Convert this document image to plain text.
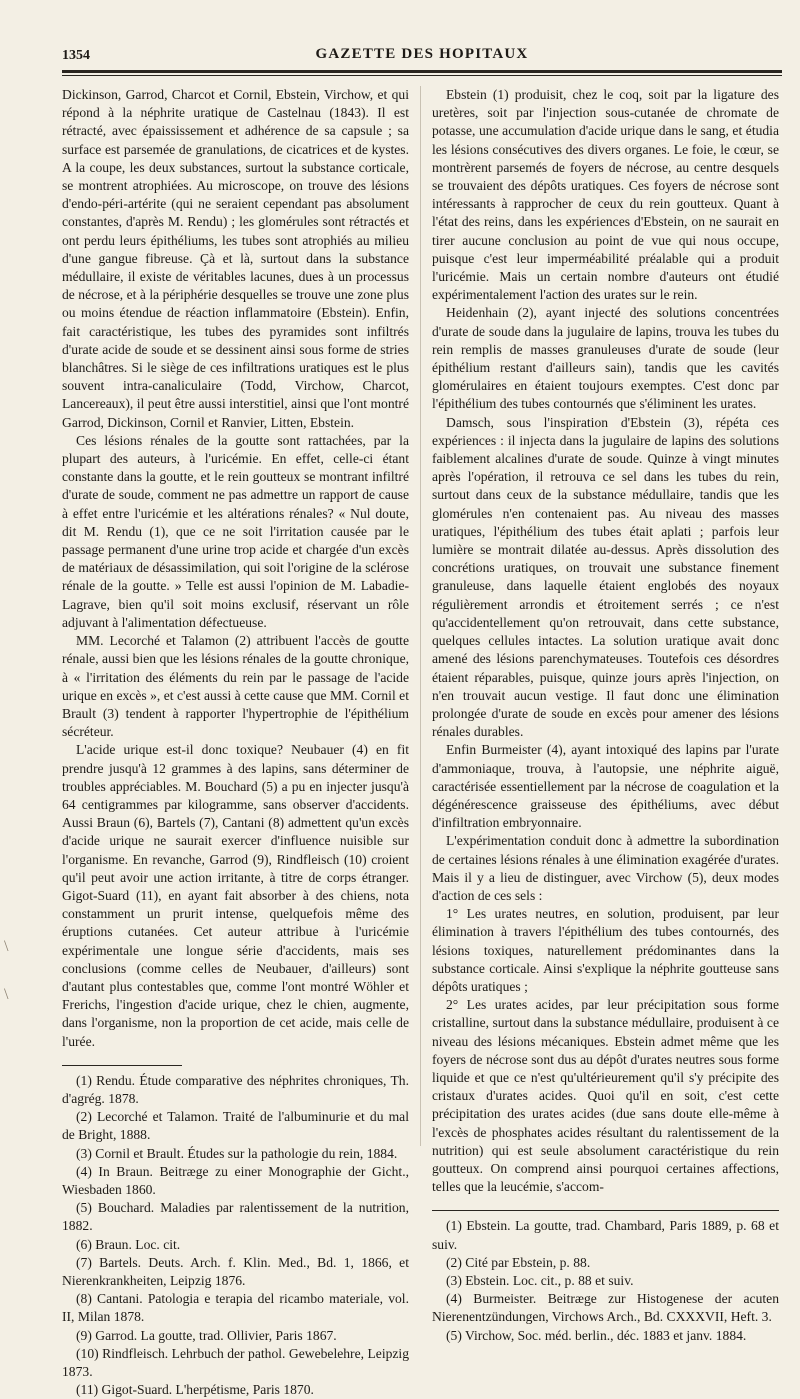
1354	GAZETTE DES HOPITAUX
\
\

Dickinson, Garrod, Charcot et Cornil, Ebstein, Virchow, et qui répond à la néphrite uratique de Castelnau (1843). Il est rétracté, avec épaississement et adhérence de sa capsule ; sa surface est parsemée de granulations, de cicatrices et de kystes. A la coupe, les deux substances, surtout la substance corticale, se montrent atrophiées. Au microscope, on trouve des lésions d'endo-péri-artérite (qui ne seraient cependant pas absolument constantes, d'après M. Rendu) ; les glomérules sont rétractés et ont perdu leurs épithéliums, les tubes sont atrophiés au milieu d'une gangue fibreuse. Çà et là, surtout dans la substance médullaire, il existe de véritables lacunes, dues à un processus de nécrose, et à la périphérie desquelles se trouve une zone plus ou moins étendue de réaction inflammatoire (Ebstein). Enfin, fait caractéristique, les tubes des pyramides sont infiltrés d'urate acide de soude et se dessinent ainsi sous forme de stries blanchâtres. Si le siège de ces infiltrations uratiques est le plus souvent intra-canaliculaire (Todd, Virchow, Charcot, Lancereaux), il peut être aussi interstitiel, ainsi que l'ont montré Garrod, Dickinson, Cornil et Ranvier, Litten, Ebstein.

Ces lésions rénales de la goutte sont rattachées, par la plupart des auteurs, à l'uricémie. En effet, celle-ci étant constante dans la goutte, et le rein goutteux se montrant infiltré d'urate de soude, comment ne pas admettre un rapport de cause à effet entre l'uricémie et les altérations rénales? « Nul doute, dit M. Rendu (1), que ce ne soit l'irritation causée par le passage permanent d'une urine trop acide et chargée d'un excès de matériaux de désassimilation, qui soit l'origine de la sclérose rénale de la goutte. » Telle est aussi l'opinion de M. Labadie-Lagrave, bien qu'il soit moins exclusif, réservant un rôle adjuvant à l'alimentation défectueuse.

MM. Lecorché et Talamon (2) attribuent l'accès de goutte rénale, aussi bien que les lésions rénales de la goutte chronique, à « l'irritation des éléments du rein par le passage de l'acide urique en excès », et c'est aussi à cette cause que MM. Cornil et Brault (3) tendent à rapporter l'hypertrophie de l'épithélium sécréteur.

L'acide urique est-il donc toxique? Neubauer (4) en fit prendre jusqu'à 12 grammes à des lapins, sans déterminer de troubles appréciables. M. Bouchard (5) a pu en injecter jusqu'à 64 centigrammes par kilogramme, sans observer d'accidents. Aussi Braun (6), Bartels (7), Cantani (8) admettent qu'un excès d'acide urique ne saurait exercer d'influence nuisible sur l'organisme. En revanche, Garrod (9), Rindfleisch (10) croient qu'il peut avoir une action irritante, à titre de corps étranger. Gigot-Suard (11), en ayant fait absorber à des chiens, nota constamment un prurit intense, quelquefois même des éruptions cutanées. Cet auteur attribue à l'uricémie expérimentale une longue série d'accidents, mais ses conclusions (comme celles de Neubauer, d'ailleurs) sont d'autant plus contestables que, comme l'ont montré Wöhler et Frerichs, l'ingestion d'acide urique, chez le chien, augmente, dans l'organisme, non la proportion de cet acide, mais celle de l'urée.

(1) Rendu. Étude comparative des néphrites chroniques, Th. d'agrég. 1878.

(2) Lecorché et Talamon. Traité de l'albuminurie et du mal de Bright, 1888.

(3) Cornil et Brault. Études sur la pathologie du rein, 1884.

(4) In Braun. Beitræge zu einer Monographie der Gicht., Wiesbaden 1860.

(5) Bouchard. Maladies par ralentissement de la nutrition, 1882.

(6) Braun. Loc. cit.

(7) Bartels. Deuts. Arch. f. Klin. Med., Bd. 1, 1866, et Nierenkrankheiten, Leipzig 1876.

(8) Cantani. Patologia e terapia del ricambo materiale, vol. II, Milan 1878.

(9) Garrod. La goutte, trad. Ollivier, Paris 1867.

(10) Rindfleisch. Lehrbuch der pathol. Gewebelehre, Leipzig 1873.

(11) Gigot-Suard. L'herpétisme, Paris 1870.

Ebstein (1) produisit, chez le coq, soit par la ligature des uretères, soit par l'injection sous-cutanée de chromate de potasse, une accumulation d'acide urique dans le sang, et étudia les lésions consécutives des divers organes. Le foie, le cœur, se montrèrent parsemés de foyers de nécrose, au centre desquels se trouvaient des dépôts uratiques. Ces foyers de nécrose sont intéressants à rapprocher de ceux du rein goutteux. Quant à l'état des reins, dans les expériences d'Ebstein, on ne saurait en tirer aucune conclusion au point de vue qui nous occupe, puisque c'est leur imperméabilité préalable qui a produit l'uricémie. Mais un certain nombre d'auteurs ont étudié expérimentalement l'action des urates sur le rein.

Heidenhain (2), ayant injecté des solutions concentrées d'urate de soude dans la jugulaire de lapins, trouva les tubes du rein remplis de masses granuleuses d'urate de soude (leur épithélium restant d'ailleurs sain), tandis que les cavités glomérulaires en étaient toujours exemptes. C'est donc par l'épithélium des tubes contournés que s'éliminent les urates.

Damsch, sous l'inspiration d'Ebstein (3), répéta ces expériences : il injecta dans la jugulaire de lapins des solutions faiblement alcalines d'urate de soude. Quinze à vingt minutes après l'opération, il retrouva ce sel dans les tubes du rein, surtout dans ceux de la substance médullaire, tandis que les glomérules n'en contenaient pas. Au niveau des masses uratiques, l'épithélium des tubes était aplati ; parfois leur lumière se montrait dilatée au-dessus. Après dissolution des concrétions uratiques, on trouvait une substance finement granuleuse, dans laquelle étaient englobés des noyaux régulièrement arrondis et étroitement serrés ; ce n'est qu'accidentellement qu'on retrouvait, dans cette substance, quelques cellules intactes. La solution uratique avait donc amené des lésions parenchymateuses. Toutefois ces désordres étaient réparables, puisque, quinze jours après l'injection, on n'en trouvait aucun vestige. Il faut donc une élimination prolongée d'urate de soude en excès pour amener des lésions rénales durables.

Enfin Burmeister (4), ayant intoxiqué des lapins par l'urate d'ammoniaque, trouva, à l'autopsie, une néphrite aiguë, caractérisée essentiellement par la nécrose de coagulation et la dégénérescence graisseuse des épithéliums, avec début d'infiltration embryonnaire.

L'expérimentation conduit donc à admettre la subordination de certaines lésions rénales à une élimination exagérée d'urates. Mais il y a lieu de distinguer, avec Virchow (5), deux modes d'action de ces sels :

1° Les urates neutres, en solution, produisent, par leur élimination à travers l'épithélium des tubes contournés, des lésions toxiques, naturellement prédominantes dans la substance corticale. Ainsi s'explique la néphrite goutteuse sans dépôts uratiques ;

2° Les urates acides, par leur précipitation sous forme cristalline, surtout dans la substance médullaire, produisent à ce niveau des lésions mécaniques. Ebstein admet même que les foyers de nécrose sont dus au dépôt d'urates neutres sous forme liquide et que ce n'est qu'ultérieurement qu'il s'y précipite des cristaux d'urates acides. Quoi qu'il en soit, c'est cette précipitation des urates acides (due sans doute elle-même à l'excès de phosphates acides résultant du ralentissement de la nutrition) qui est seule absolument caractéristique du rein goutteux. On comprend ainsi pourquoi certaines affections, telles que la leucémie, s'accom-

(1) Ebstein. La goutte, trad. Chambard, Paris 1889, p. 68 et suiv.

(2) Cité par Ebstein, p. 88.

(3) Ebstein. Loc. cit., p. 88 et suiv.

(4) Burmeister. Beitræge zur Histogenese der acuten Nierenentzündungen, Virchows Arch., Bd. CXXXVII, Heft. 3.

(5) Virchow, Soc. méd. berlin., déc. 1883 et janv. 1884.
